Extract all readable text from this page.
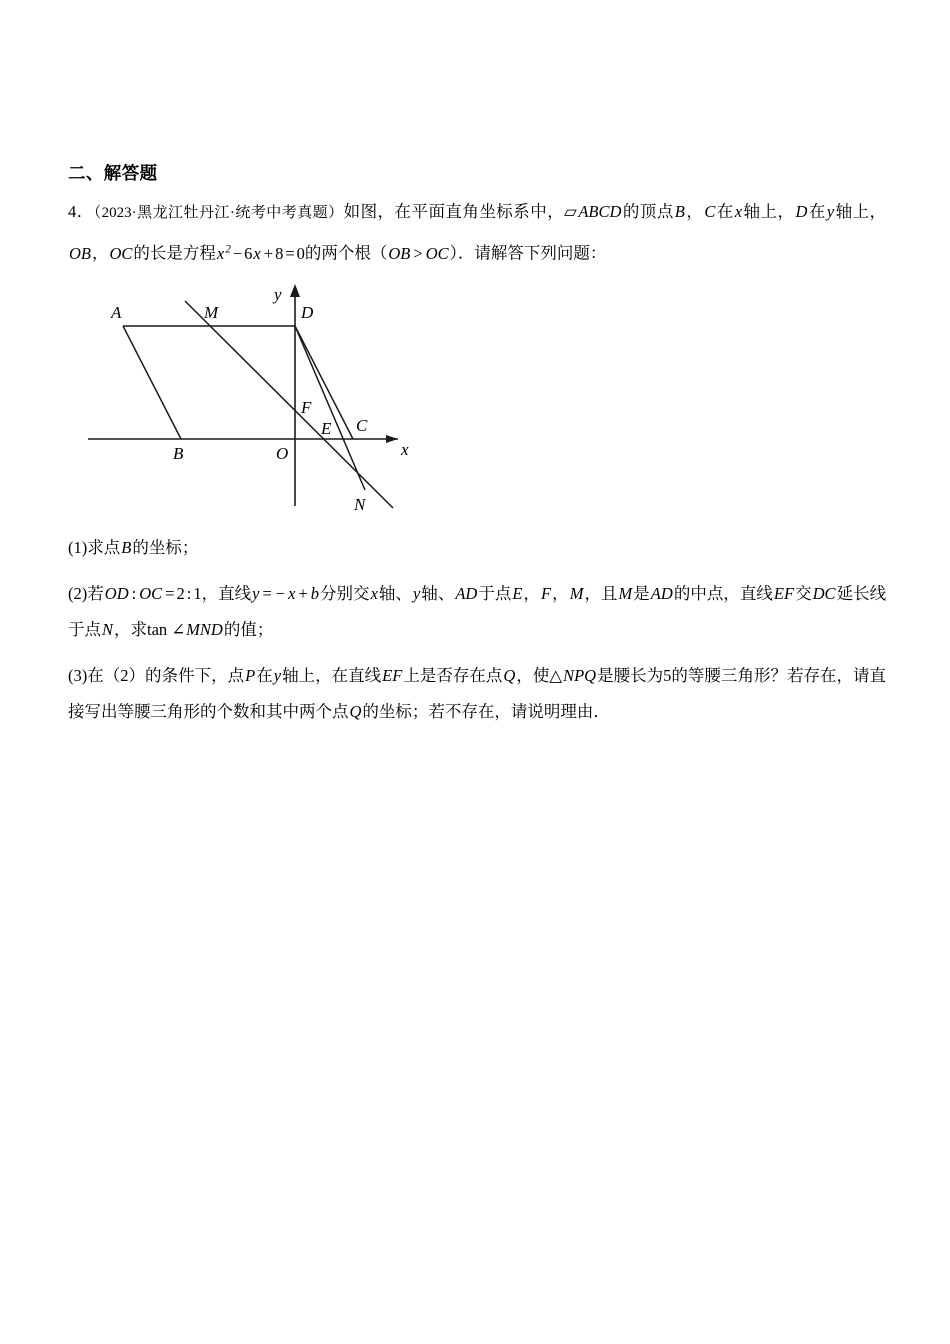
二、解答题

4．（2023·黑龙江牡丹江·统考中考真题）如图，在平面直角坐标系中，▱ABCD的顶点B，C在x轴上，D在y轴上，OB，OC的长是方程$x^2 - 6x + 8 = 0$的两个根（OB > OC）．请解答下列问题：

A	M	D
B	O
F
E C
N
x
y

(1)求点B的坐标；

(2)若OD : OC = 2 : 1，直线y = − x + b分别交x轴、y轴、AD于点E，F，M，且M是AD的中点，直线EF交DC延长线于点N，求tan ∠MND的值；

(3)在（2）的条件下，点P在y轴上，在直线EF上是否存在点Q，使△NPQ是腰长为5的等腰三角形？若存在，请直接写出等腰三角形的个数和其中两个点Q的坐标；若不存在，请说明理由．
